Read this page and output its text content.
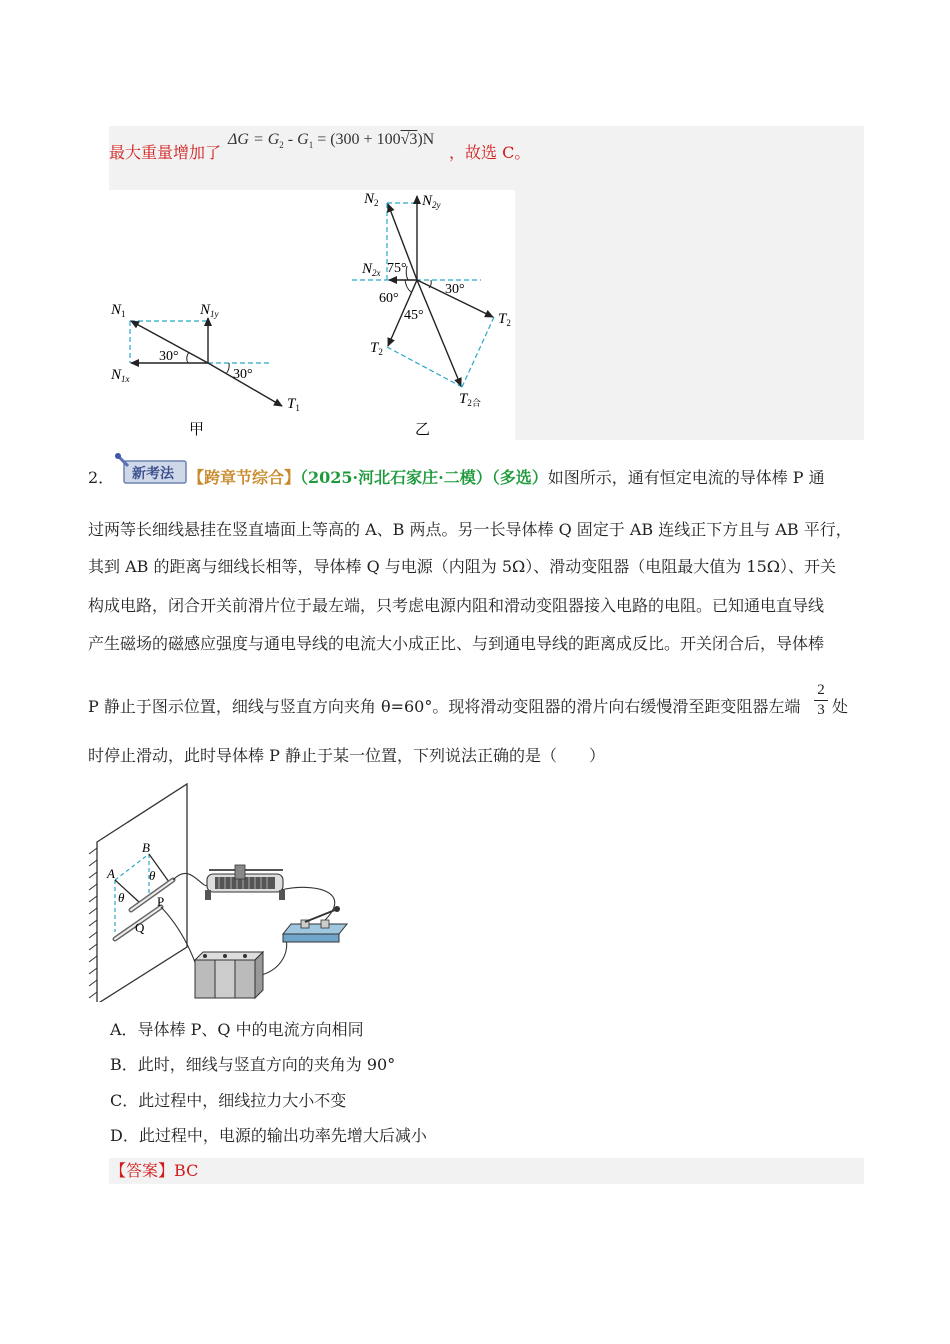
最大重量增加了
$\Delta G = G_2 - G_1 = (300 + 100√3)N$
，故选 C。
$N_1$	$N_{1y}$
$N_{1x}$
$T_1$
30°
30°
甲
$N_2$	$N_{2y}$
$N_{2x}$
$T_2$
$T_2$
$T_{2合}$
75°
30°
60°
45°
乙
2． 新考法 【跨章节综合】（2025·河北石家庄·二模）（多选）如图所示，通有恒定电流的导体棒 P 通
过两等长细线悬挂在竖直墙面上等高的 A、B 两点。另一长导体棒 Q 固定于 AB 连线正下方且与 AB 平行，
其到 AB 的距离与细线长相等，导体棒 Q 与电源（内阻为 5Ω）、滑动变阻器（电阻最大值为 15Ω）、开关
构成电路，闭合开关前滑片位于最左端，只考虑电源内阻和滑动变阻器接入电路的电阻。已知通电直导线
产生磁场的磁感应强度与通电导线的电流大小成正比、与到通电导线的距离成反比。开关闭合后，导体棒
P 静止于图示位置，细线与竖直方向夹角 θ=60°。现将滑动变阻器的滑片向右缓慢滑至距变阻器左端 $\frac{2}{3}$ 处
时停止滑动，此时导体棒 P 静止于某一位置，下列说法正确的是（　　）
A
B
θ
θ
P
Q
A．导体棒 P、Q 中的电流方向相同
B．此时，细线与竖直方向的夹角为 90°
C．此过程中，细线拉力大小不变
D．此过程中，电源的输出功率先增大后减小
【答案】BC
